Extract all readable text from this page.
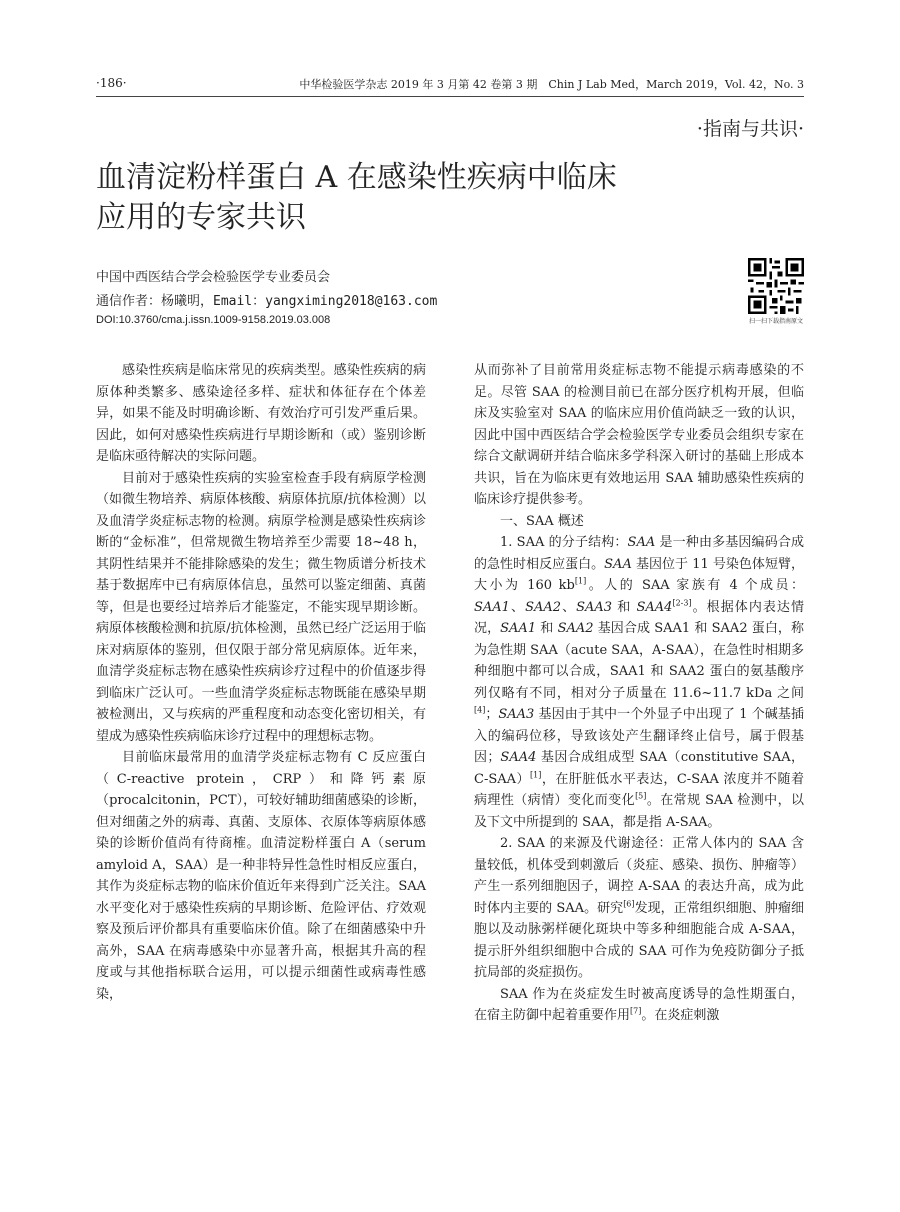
·186·	中华检验医学杂志 2019 年 3 月第 42 卷第 3 期　Chin J Lab Med，March 2019，Vol. 42，No. 3
·指南与共识·
血清淀粉样蛋白 A 在感染性疾病中临床
应用的专家共识
中国中西医结合学会检验医学专业委员会
通信作者：杨曦明，Email：yangximing2018@163.com
DOI:10.3760/cma.j.issn.1009-9158.2019.03.008	扫一扫下载指南原文

感染性疾病是临床常见的疾病类型。感染性疾病的病原体种类繁多、感染途径多样、症状和体征存在个体差异，如果不能及时明确诊断、有效治疗可引发严重后果。因此，如何对感染性疾病进行早期诊断和（或）鉴别诊断是临床亟待解决的实际问题。

目前对于感染性疾病的实验室检查手段有病原学检测（如微生物培养、病原体核酸、病原体抗原/抗体检测）以及血清学炎症标志物的检测。病原学检测是感染性疾病诊断的“金标准”，但常规微生物培养至少需要 18~48 h，其阴性结果并不能排除感染的发生；微生物质谱分析技术基于数据库中已有病原体信息，虽然可以鉴定细菌、真菌等，但是也要经过培养后才能鉴定，不能实现早期诊断。病原体核酸检测和抗原/抗体检测，虽然已经广泛运用于临床对病原体的鉴别，但仅限于部分常见病原体。近年来，血清学炎症标志物在感染性疾病诊疗过程中的价值逐步得到临床广泛认可。一些血清学炎症标志物既能在感染早期被检测出，又与疾病的严重程度和动态变化密切相关，有望成为感染性疾病临床诊疗过程中的理想标志物。

目前临床最常用的血清学炎症标志物有 C 反应蛋白（C-reactive protein，CRP）和降钙素原（procalcitonin，PCT），可较好辅助细菌感染的诊断，但对细菌之外的病毒、真菌、支原体、衣原体等病原体感染的诊断价值尚有待商榷。血清淀粉样蛋白 A（serum amyloid A，SAA）是一种非特异性急性时相反应蛋白，其作为炎症标志物的临床价值近年来得到广泛关注。SAA 水平变化对于感染性疾病的早期诊断、危险评估、疗效观察及预后评价都具有重要临床价值。除了在细菌感染中升高外，SAA 在病毒感染中亦显著升高，根据其升高的程度或与其他指标联合运用，可以提示细菌性或病毒性感染，

从而弥补了目前常用炎症标志物不能提示病毒感染的不足。尽管 SAA 的检测目前已在部分医疗机构开展，但临床及实验室对 SAA 的临床应用价值尚缺乏一致的认识，因此中国中西医结合学会检验医学专业委员会组织专家在综合文献调研并结合临床多学科深入研讨的基础上形成本共识，旨在为临床更有效地运用 SAA 辅助感染性疾病的临床诊疗提供参考。

一、SAA 概述

1. SAA 的分子结构：SAA 是一种由多基因编码合成的急性时相反应蛋白。SAA 基因位于 11 号染色体短臂，大小为 160 kb[1]。人的 SAA 家族有 4 个成员：SAA1、SAA2、SAA3 和 SAA4[2-3]。根据体内表达情况，SAA1 和 SAA2 基因合成 SAA1 和 SAA2 蛋白，称为急性期 SAA（acute SAA，A-SAA），在急性时相期多种细胞中都可以合成，SAA1 和 SAA2 蛋白的氨基酸序列仅略有不同，相对分子质量在 11.6~11.7 kDa 之间[4]；SAA3 基因由于其中一个外显子中出现了 1 个碱基插入的编码位移，导致该处产生翻译终止信号，属于假基因；SAA4 基因合成组成型 SAA（constitutive SAA，C-SAA）[1]，在肝脏低水平表达，C-SAA 浓度并不随着病理性（病情）变化而变化[5]。在常规 SAA 检测中，以及下文中所提到的 SAA，都是指 A-SAA。

2. SAA 的来源及代谢途径：正常人体内的 SAA 含量较低，机体受到刺激后（炎症、感染、损伤、肿瘤等）产生一系列细胞因子，调控 A-SAA 的表达升高，成为此时体内主要的 SAA。研究[6]发现，正常组织细胞、肿瘤细胞以及动脉粥样硬化斑块中等多种细胞能合成 A-SAA，提示肝外组织细胞中合成的 SAA 可作为免疫防御分子抵抗局部的炎症损伤。

SAA 作为在炎症发生时被高度诱导的急性期蛋白，在宿主防御中起着重要作用[7]。在炎症刺激
